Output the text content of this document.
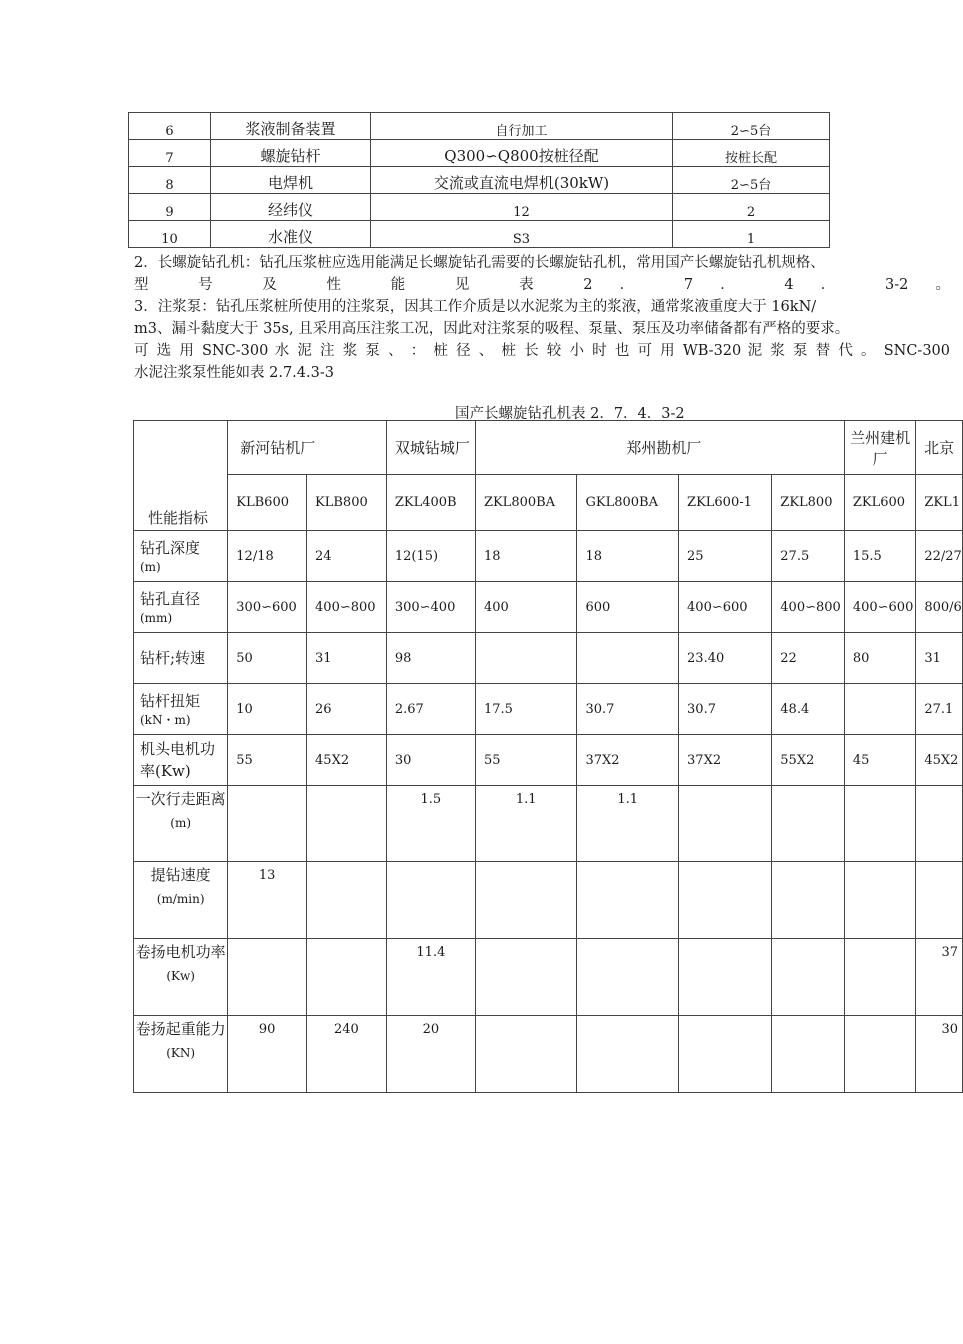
6	浆液制备装置	自行加工	2∽5台
7	螺旋钻杆	Q300∽Q800按桩径配	按桩长配
8	电焊机	交流或直流电焊机(30kW)	2∽5台
9	经纬仪	12	2
10	水准仪	S3	1
2．长螺旋钻孔机：钻孔压浆桩应选用能满足长螺旋钻孔需要的长螺旋钻孔机，常用国产长螺旋钻孔机规格、
型 号 及 性 能 见 表 2 ． 7 ． 4 ． 3-2 。
3．注浆泵：钻孔压浆桩所使用的注浆泵，因其工作介质是以水泥浆为主的浆液，通常浆液重度大于 16kN/
m3、漏斗黏度大于 35s, 且采用高压注浆工况，因此对注浆泵的吸程、泵量、泵压及功率储备都有严格的要求。
可 选 用 SNC-300 水 泥 注 浆 泵 、 ： 桩 径 、 桩 长 较 小 时 也 可 用 WB-320 泥 浆 泵 替 代 。 SNC-300
水泥注浆泵性能如表 2.7.4.3-3
国产长螺旋钻孔机表 2．7．4．3-2
性能指标	新河钻机厂		双城钻城厂	郑州勘机厂				兰州建机厂	北京
	KLB600	KLB800	ZKL400B	ZKL800BA	GKL800BA	ZKL600-1	ZKL800	ZKL600	ZKL1
钻孔深度
(m)	12/18	24	12(15)	18	18	25	27.5	15.5	22/27
钻孔直径
(mm)	300∽600	400∽800	300∽400	400	600	400∽600	400∽800	400∽600	800/6
钻杆;转速	50	31	98			23.40	22	80	31
钻杆扭矩
(kN・m)	10	26	2.67	17.5	30.7	30.7	48.4		27.1
机头电机功率(Kw)	55	45Ⅹ2	30	55	37Ⅹ2	37Ⅹ2	55Ⅹ2	45	45Ⅹ2
一次行走距离
(m)			1.5	1.1	1.1				
提钻速度
(m/min)	13								
卷扬电机功率
(Kw)			11.4						37
卷扬起重能力
(KN)	90	240	20						30
